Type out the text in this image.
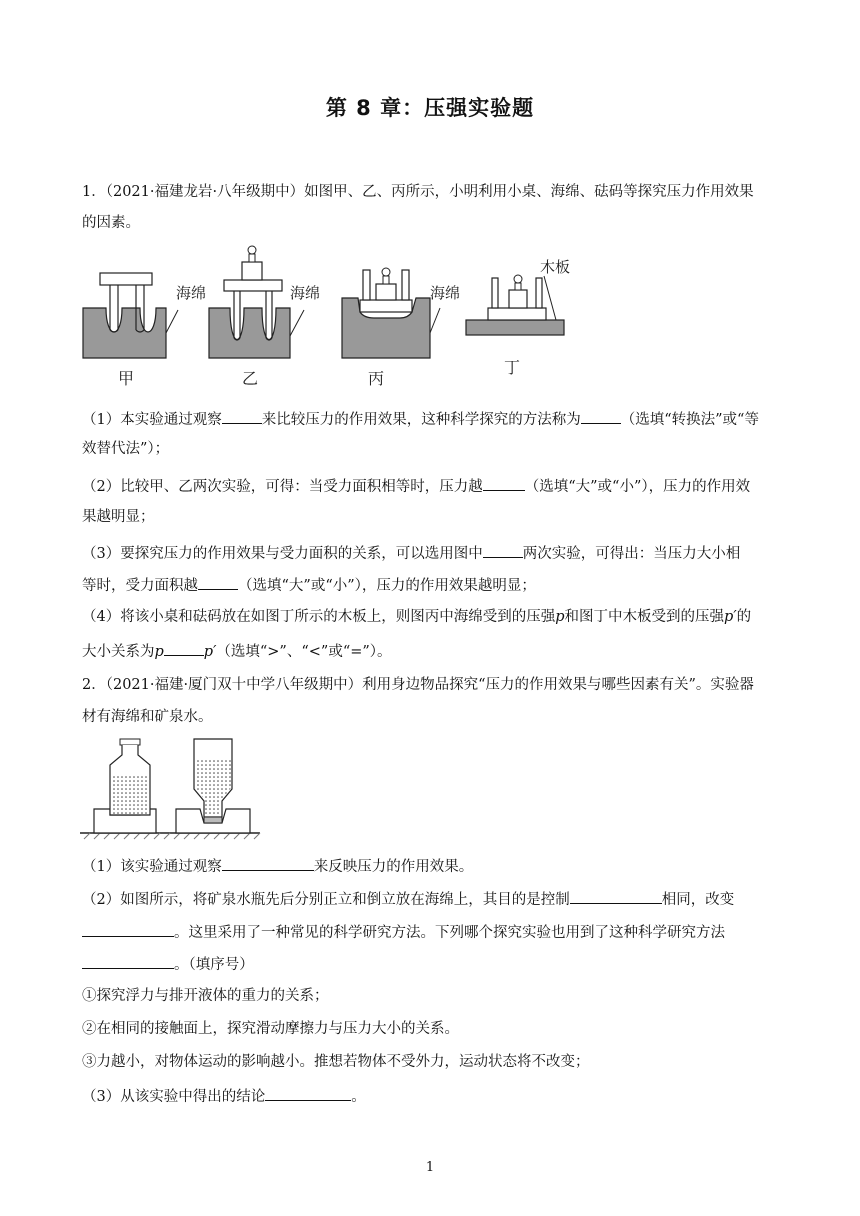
第 8 章：压强实验题
1．（2021·福建龙岩·八年级期中）如图甲、乙、丙所示，小明利用小桌、海绵、砝码等探究压力作用效果
的因素。
海绵
甲
海绵
乙
海绵
丙
木板
丁
（1）本实验通过观察	来比较压力的作用效果，这种科学探究的方法称为	（选填“转换法”或“等
效替代法”）；
（2）比较甲、乙两次实验，可得：当受力面积相等时，压力越	（选填“大”或“小”），压力的作用效
果越明显；
（3）要探究压力的作用效果与受力面积的关系，可以选用图中	两次实验，可得出：当压力大小相
等时，受力面积越	（选填“大”或“小”），压力的作用效果越明显；
（4）将该小桌和砝码放在如图丁所示的木板上，则图丙中海绵受到的压强p和图丁中木板受到的压强p′的
大小关系为p	p′（选填“>”、“<”或“=”）。
2．（2021·福建·厦门双十中学八年级期中）利用身边物品探究“压力的作用效果与哪些因素有关”。实验器
材有海绵和矿泉水。
（1）该实验通过观察	来反映压力的作用效果。
（2）如图所示，将矿泉水瓶先后分别正立和倒立放在海绵上，其目的是控制	相同，改变
。这里采用了一种常见的科学研究方法。下列哪个探究实验也用到了这种科学研究方法
。（填序号）
①探究浮力与排开液体的重力的关系；
②在相同的接触面上，探究滑动摩擦力与压力大小的关系。
③力越小，对物体运动的影响越小。推想若物体不受外力，运动状态将不改变；
（3）从该实验中得出的结论	。
1
